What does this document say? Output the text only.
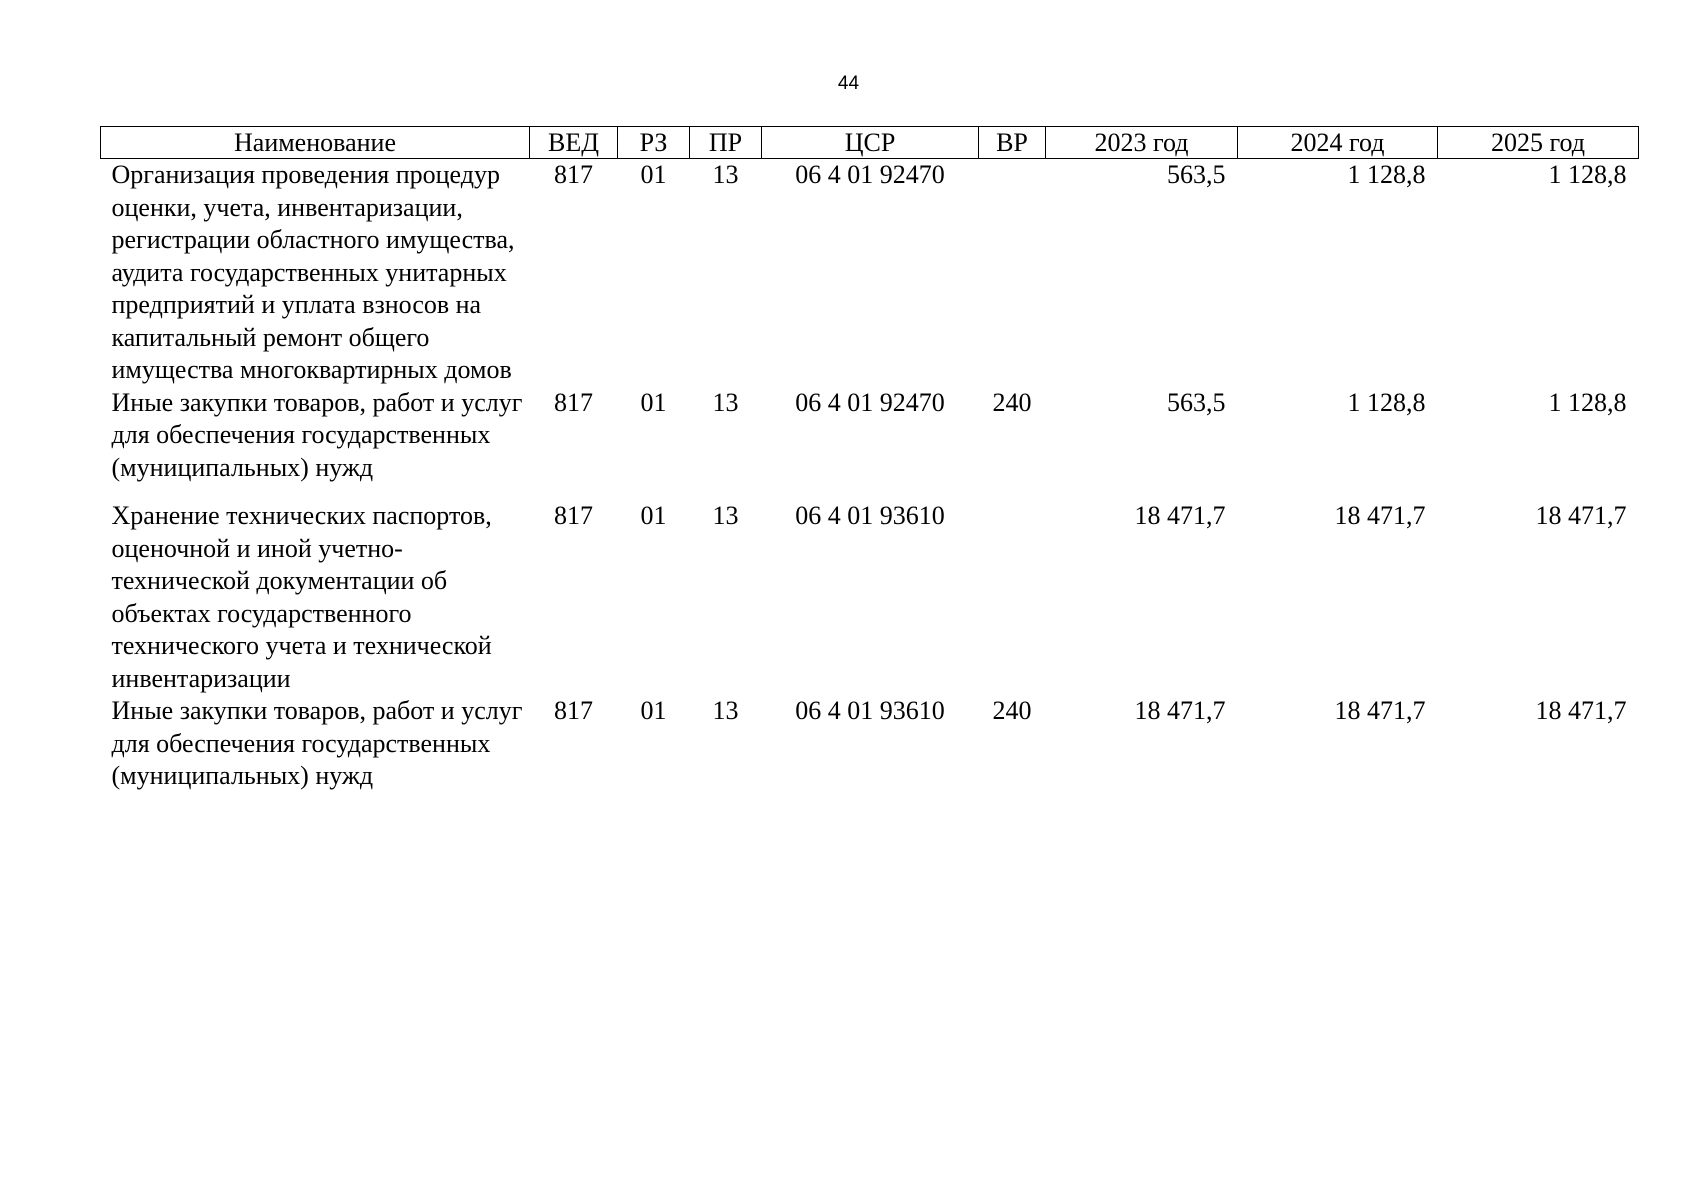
44
Наименование	ВЕД	РЗ	ПР	ЦСР	ВР	2023 год	2024 год	2025 год
Организация проведения процедур оценки, учета, инвентаризации, регистрации областного имущества, аудита государственных унитарных предприятий и уплата взносов на капитальный ремонт общего имущества многоквартирных домов	817	01	13	06 4 01 92470		563,5	1 128,8	1 128,8
Иные закупки товаров, работ и услуг для обеспечения государственных (муниципальных) нужд	817	01	13	06 4 01 92470	240	563,5	1 128,8	1 128,8
Хранение технических паспортов, оценочной и иной учетно-технической документации об объектах государственного технического учета и технической инвентаризации	817	01	13	06 4 01 93610		18 471,7	18 471,7	18 471,7
Иные закупки товаров, работ и услуг для обеспечения государственных (муниципальных) нужд	817	01	13	06 4 01 93610	240	18 471,7	18 471,7	18 471,7
